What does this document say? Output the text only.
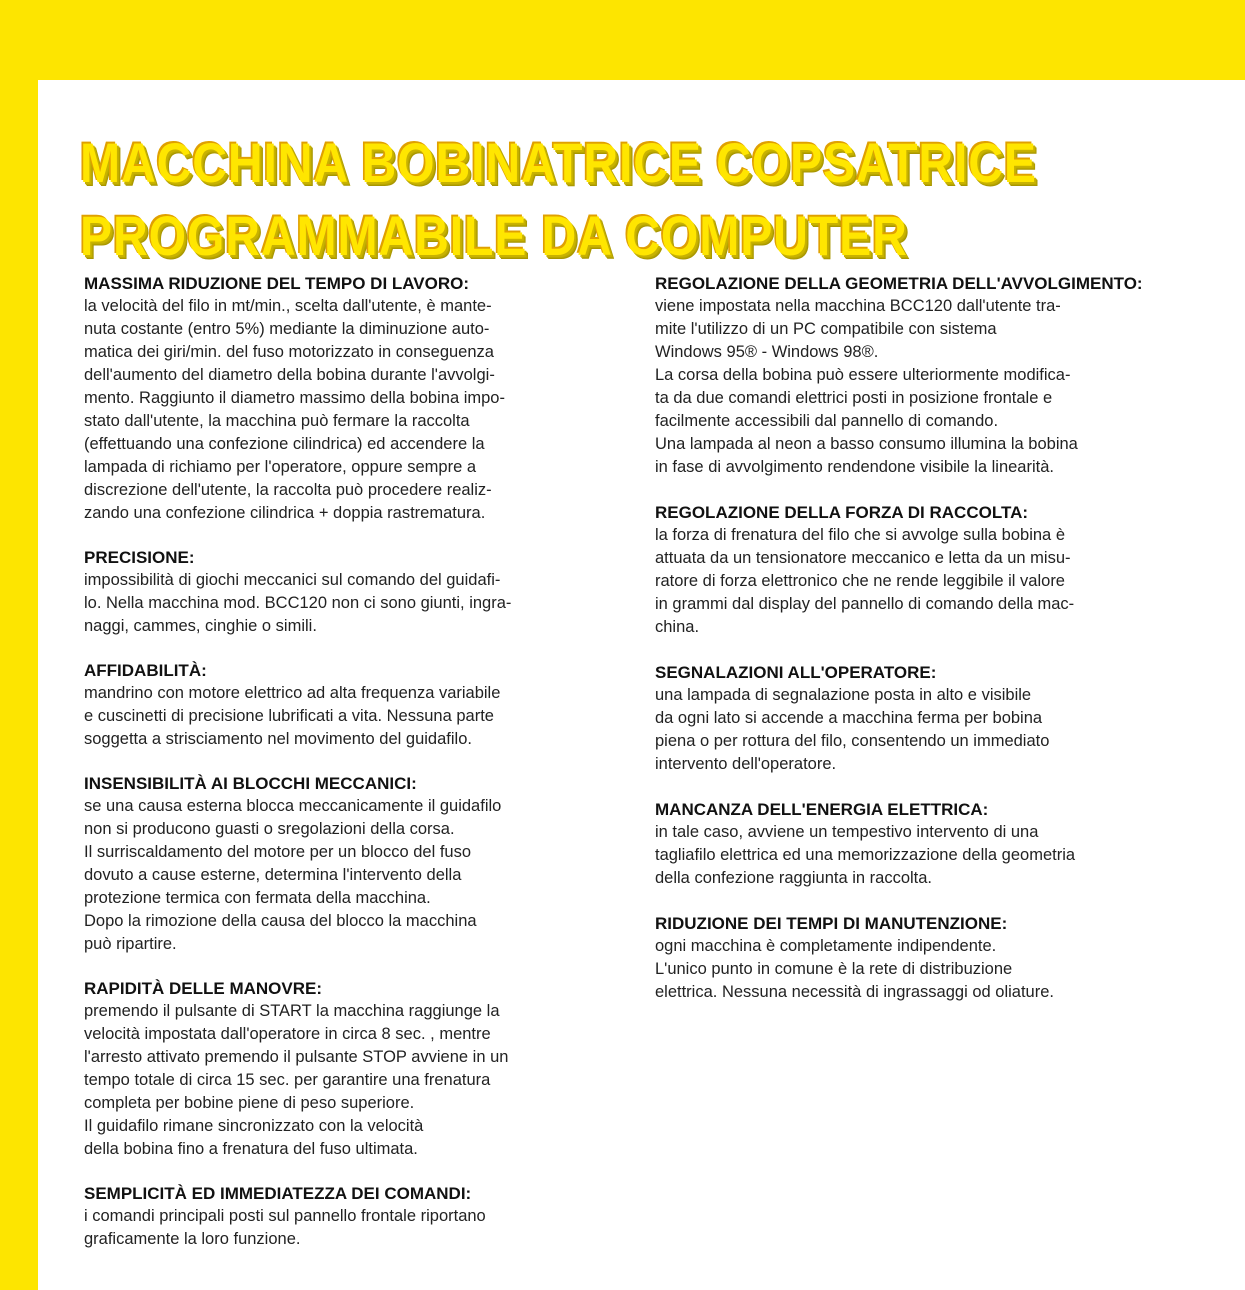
MACCHINA BOBINATRICE COPSATRICE
PROGRAMMABILE DA COMPUTER
MASSIMA RIDUZIONE DEL TEMPO DI LAVORO:
la velocità del filo in mt/min., scelta dall'utente, è mante-
nuta costante (entro 5%) mediante la diminuzione auto-
matica dei giri/min. del fuso motorizzato in conseguenza
dell'aumento del diametro della bobina durante l'avvolgi-
mento. Raggiunto il diametro massimo della bobina impo-
stato dall'utente, la macchina può fermare la raccolta
(effettuando una confezione cilindrica) ed accendere la
lampada di richiamo per l'operatore, oppure sempre a
discrezione dell'utente, la raccolta può procedere realiz-
zando una confezione cilindrica + doppia rastrematura.
PRECISIONE:
impossibilità di giochi meccanici sul comando del guidafi-
lo. Nella macchina mod. BCC120 non ci sono giunti, ingra-
naggi, cammes, cinghie o simili.
AFFIDABILITÀ:
mandrino con motore elettrico ad alta frequenza variabile
e cuscinetti di precisione lubrificati a vita. Nessuna parte
soggetta a strisciamento nel movimento del guidafilo.
INSENSIBILITÀ AI BLOCCHI MECCANICI:
se una causa esterna blocca meccanicamente il guidafilo
non si producono guasti o sregolazioni della corsa.
Il surriscaldamento del motore per un blocco del fuso
dovuto a cause esterne, determina l'intervento della
protezione termica con fermata della macchina.
Dopo la rimozione della causa del blocco la macchina
può ripartire.
RAPIDITÀ DELLE MANOVRE:
premendo il pulsante di START la macchina raggiunge la
velocità impostata dall'operatore in circa 8 sec. , mentre
l'arresto attivato premendo il pulsante STOP avviene in un
tempo totale di circa 15 sec. per garantire una frenatura
completa per bobine piene di peso superiore.
Il guidafilo rimane sincronizzato con la velocità
della bobina fino a frenatura del fuso ultimata.
SEMPLICITÀ ED IMMEDIATEZZA DEI COMANDI:
i comandi principali posti sul pannello frontale riportano
graficamente la loro funzione.
REGOLAZIONE DELLA GEOMETRIA DELL'AVVOLGIMENTO:
viene impostata nella macchina BCC120 dall'utente tra-
mite l'utilizzo di un PC compatibile con sistema
Windows 95® - Windows 98®.
La corsa della bobina può essere ulteriormente modifica-
ta da due comandi elettrici posti in posizione frontale e
facilmente accessibili dal pannello di comando.
Una lampada al neon a basso consumo illumina la bobina
in fase di avvolgimento rendendone visibile la linearità.
REGOLAZIONE DELLA FORZA DI RACCOLTA:
la forza di frenatura del filo che si avvolge sulla bobina è
attuata da un tensionatore meccanico e letta da un misu-
ratore di forza elettronico che ne rende leggibile il valore
in grammi dal display del pannello di comando della mac-
china.
SEGNALAZIONI ALL'OPERATORE:
una lampada di segnalazione posta in alto e visibile
da ogni lato si accende a macchina ferma per bobina
piena o per rottura del filo, consentendo un immediato
intervento dell'operatore.
MANCANZA DELL'ENERGIA ELETTRICA:
in tale caso, avviene un tempestivo intervento di una
tagliafilo elettrica ed una memorizzazione della geometria
della confezione raggiunta in raccolta.
RIDUZIONE DEI TEMPI DI MANUTENZIONE:
ogni macchina è completamente indipendente.
L'unico punto in comune è la rete di distribuzione
elettrica. Nessuna necessità di ingrassaggi od oliature.
